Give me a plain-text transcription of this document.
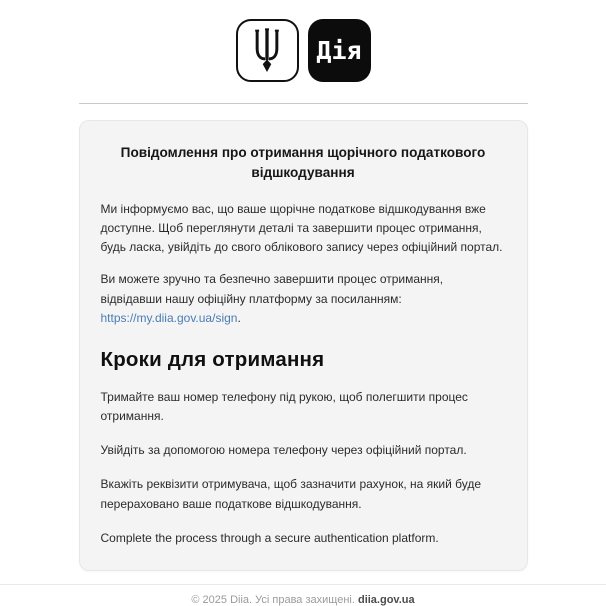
Дія
Повідомлення про отримання щорічного податкового відшкодування

Ми інформуємо вас, що ваше щорічне податкове відшкодування вже доступне. Щоб переглянути деталі та завершити процес отримання, будь ласка, увійдіть до свого облікового запису через офіційний портал.

Ви можете зручно та безпечно завершити процес отримання, відвідавши нашу офіційну платформу за посиланням: https://my.diia.gov.ua/sign.

Кроки для отримання

Тримайте ваш номер телефону під рукою, щоб полегшити процес отримання.

Увійдіть за допомогою номера телефону через офіційний портал.

Вкажіть реквізити отримувача, щоб зазначити рахунок, на який буде перераховано ваше податкове відшкодування.

Complete the process through a secure authentication platform.

© 2025 Diia. Усі права захищені. diia.gov.ua
